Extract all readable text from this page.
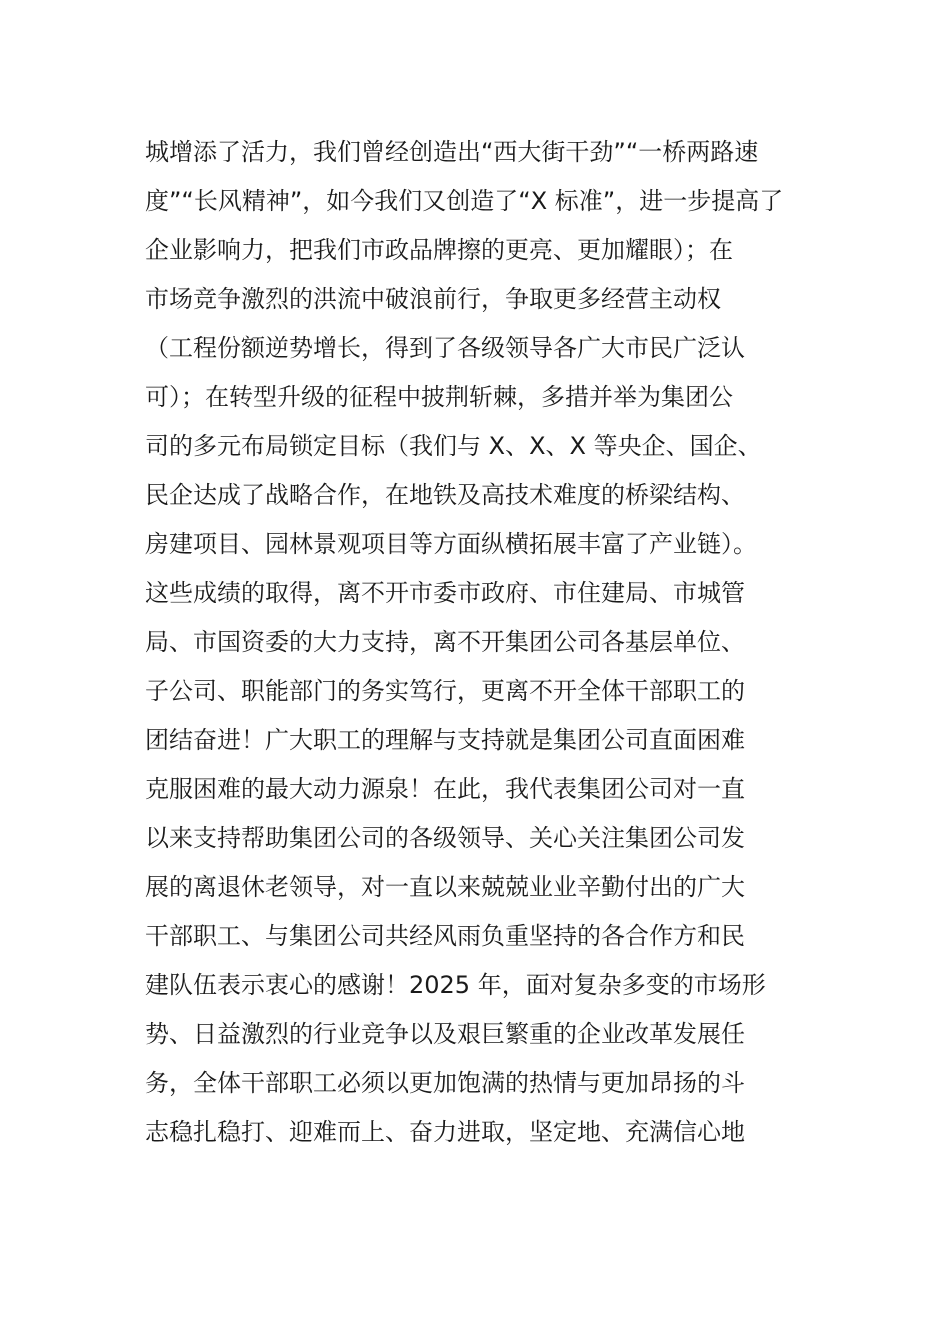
城增添了活力，我们曾经创造出“西大街干劲”“一桥两路速
度”“长风精神”，如今我们又创造了“X 标准”，进一步提高了
企业影响力，把我们市政品牌擦的更亮、更加耀眼）；在
市场竞争激烈的洪流中破浪前行，争取更多经营主动权
（工程份额逆势增长，得到了各级领导各广大市民广泛认
可）；在转型升级的征程中披荆斩棘，多措并举为集团公
司的多元布局锁定目标（我们与 X、X、X 等央企、国企、
民企达成了战略合作，在地铁及高技术难度的桥梁结构、
房建项目、园林景观项目等方面纵横拓展丰富了产业链）。
这些成绩的取得，离不开市委市政府、市住建局、市城管
局、市国资委的大力支持，离不开集团公司各基层单位、
子公司、职能部门的务实笃行，更离不开全体干部职工的
团结奋进！广大职工的理解与支持就是集团公司直面困难
克服困难的最大动力源泉！在此，我代表集团公司对一直
以来支持帮助集团公司的各级领导、关心关注集团公司发
展的离退休老领导，对一直以来兢兢业业辛勤付出的广大
干部职工、与集团公司共经风雨负重坚持的各合作方和民
建队伍表示衷心的感谢！2025 年，面对复杂多变的市场形
势、日益激烈的行业竞争以及艰巨繁重的企业改革发展任
务，全体干部职工必须以更加饱满的热情与更加昂扬的斗
志稳扎稳打、迎难而上、奋力进取，坚定地、充满信心地
